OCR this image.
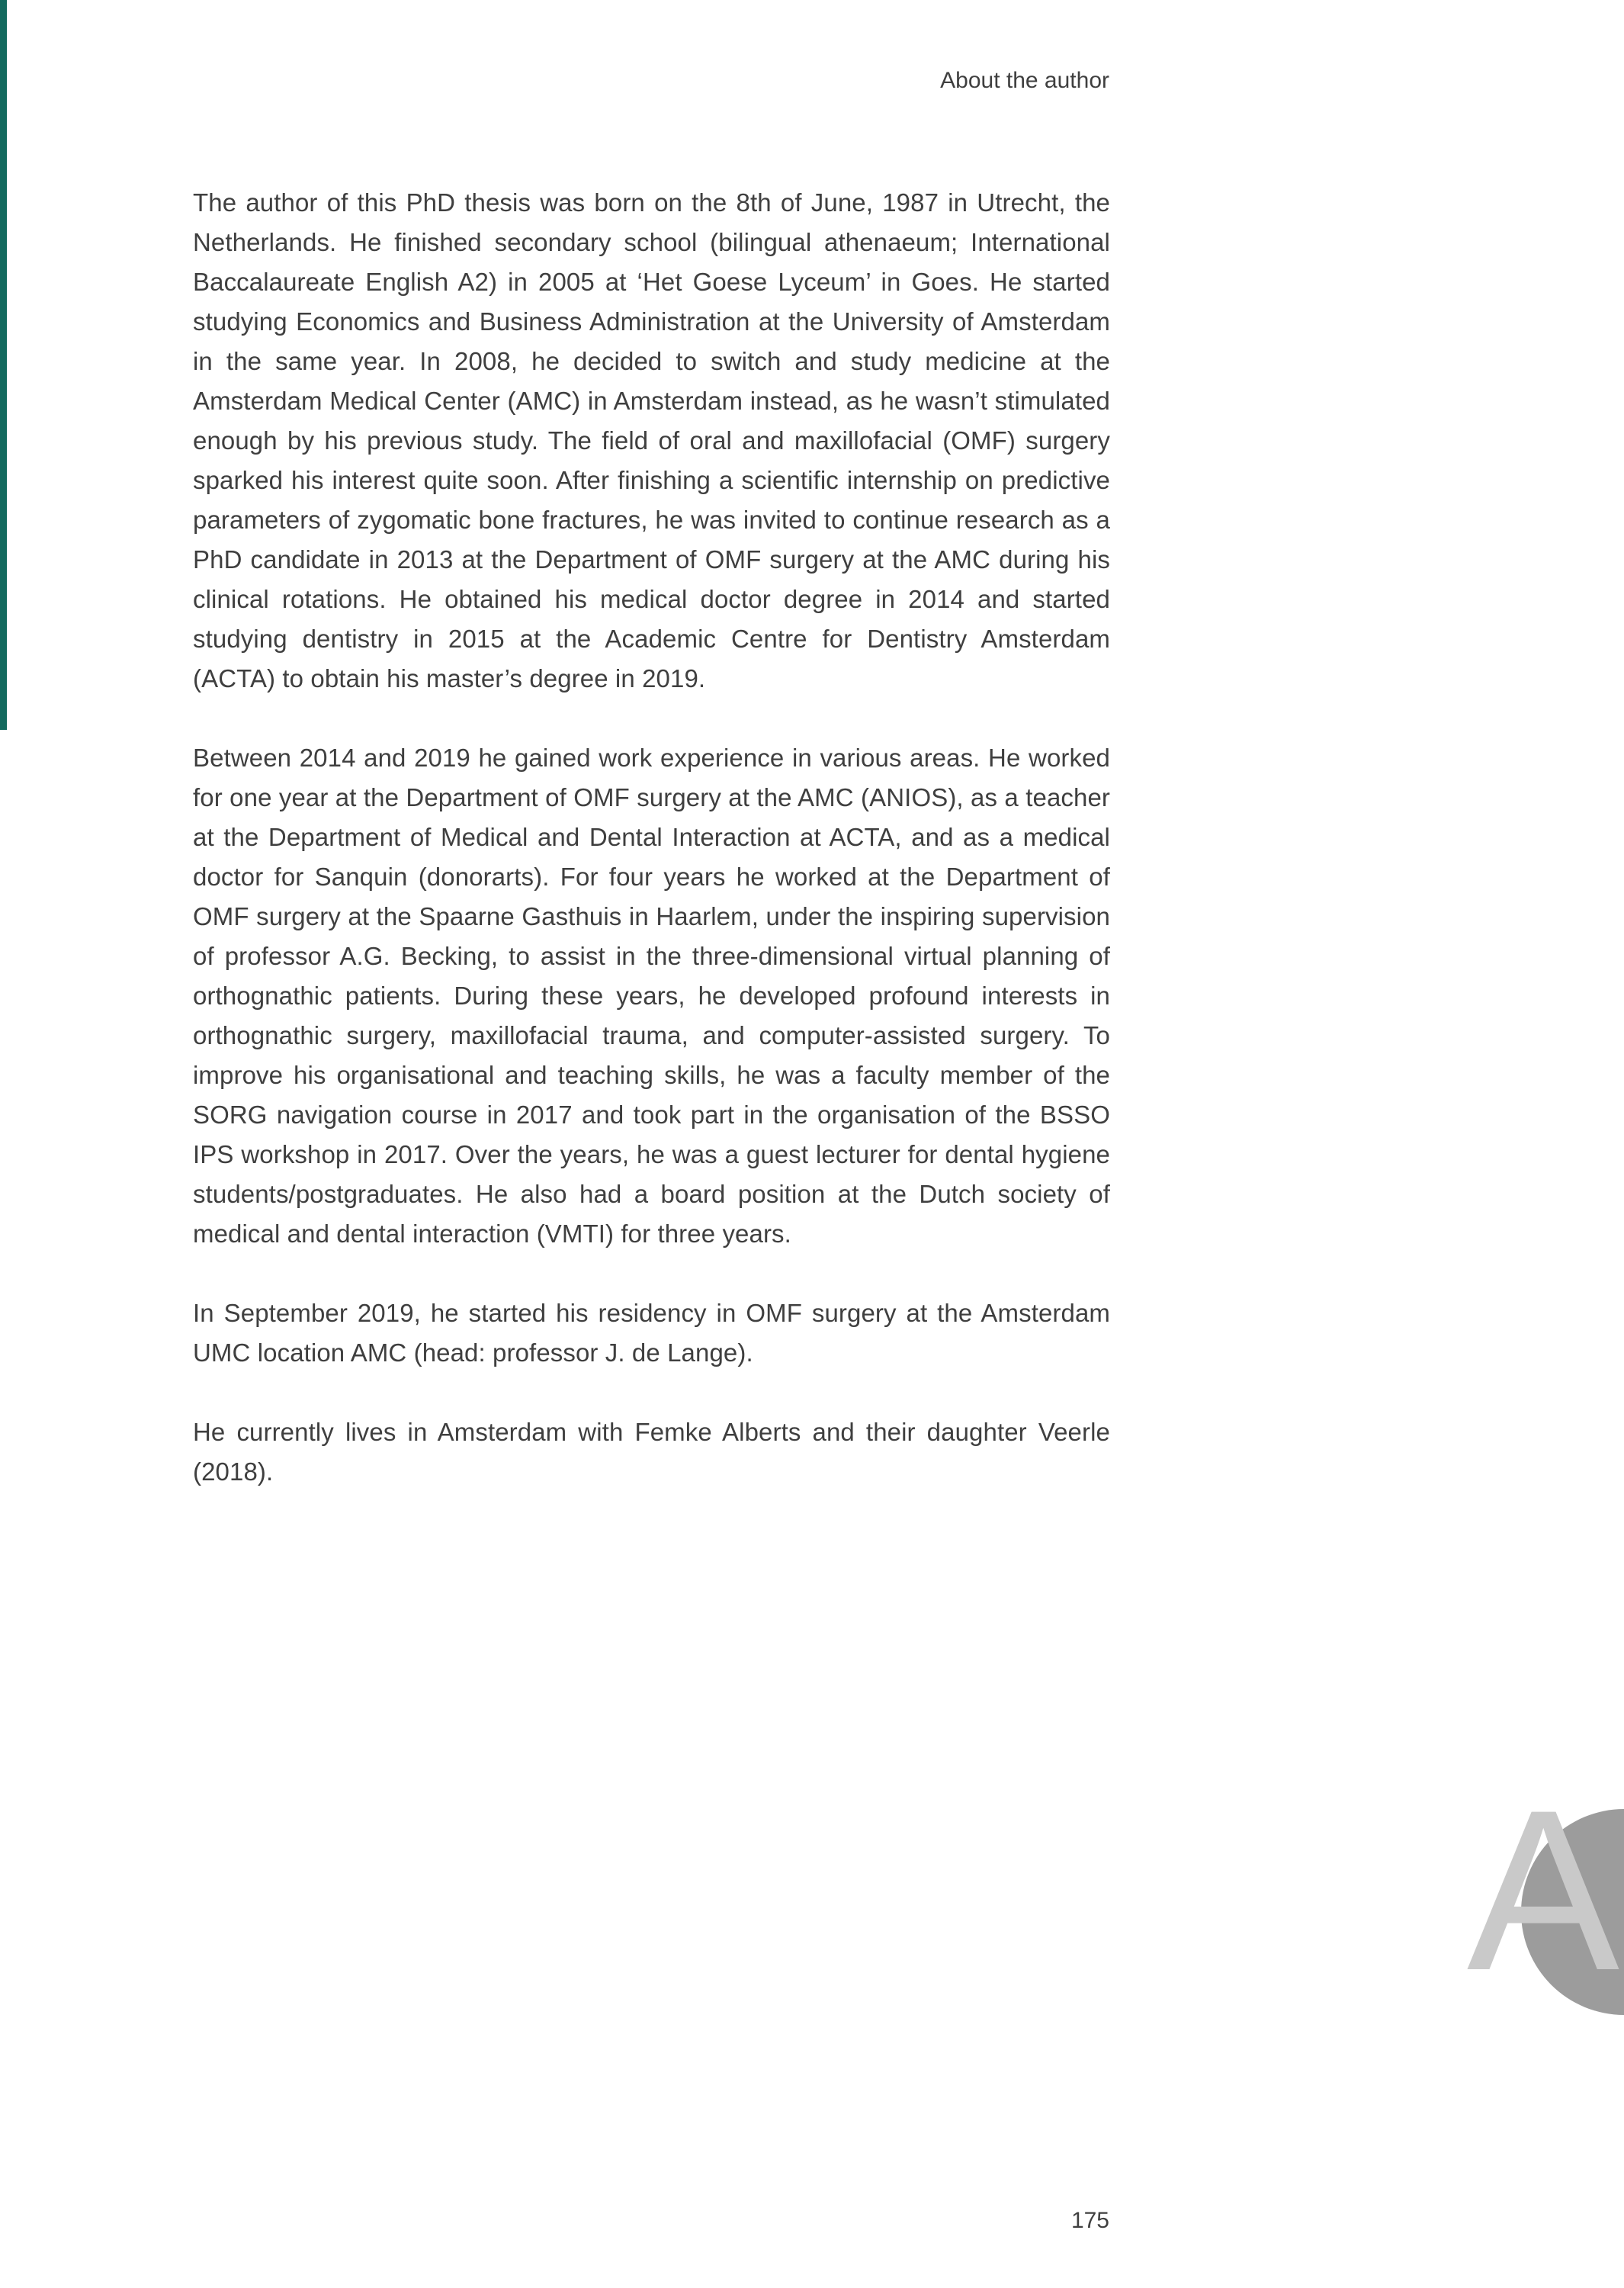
About the author

The author of this PhD thesis was born on the 8th of June, 1987 in Utrecht, the Netherlands. He finished secondary school (bilingual athenaeum; International Baccalaureate English A2) in 2005 at ‘Het Goese Lyceum’ in Goes. He started studying Economics and Business Administration at the University of Amsterdam in the same year. In 2008, he decided to switch and study medicine at the Amsterdam Medical Center (AMC) in Amsterdam instead, as he wasn’t stimulated enough by his previous study. The field of oral and maxillofacial (OMF) surgery sparked his interest quite soon. After finishing a scientific internship on predictive parameters of zygomatic bone fractures, he was invited to continue research as a PhD candidate in 2013 at the Department of OMF surgery at the AMC during his clinical rotations. He obtained his medical doctor degree in 2014 and started studying dentistry in 2015 at the Academic Centre for Dentistry Amsterdam (ACTA) to obtain his master’s degree in 2019.

Between 2014 and 2019 he gained work experience in various areas. He worked for one year at the Department of OMF surgery at the AMC (ANIOS), as a teacher at the Department of Medical and Dental Interaction at ACTA, and as a medical doctor for Sanquin (donorarts). For four years he worked at the Department of OMF surgery at the Spaarne Gasthuis in Haarlem, under the inspiring supervision of professor A.G. Becking, to assist in the three-dimensional virtual planning of orthognathic patients. During these years, he developed profound interests in orthognathic surgery, maxillofacial trauma, and computer-assisted surgery. To improve his organisational and teaching skills, he was a faculty member of the SORG navigation course in 2017 and took part in the organisation of the BSSO IPS workshop in 2017. Over the years, he was a guest lecturer for dental hygiene students/postgraduates. He also had a board position at the Dutch society of medical and dental interaction (VMTI) for three years.

In September 2019, he started his residency in OMF surgery at the Amsterdam UMC location AMC (head: professor J. de Lange).

He currently lives in Amsterdam with Femke Alberts and their daughter Veerle (2018).

A
175
